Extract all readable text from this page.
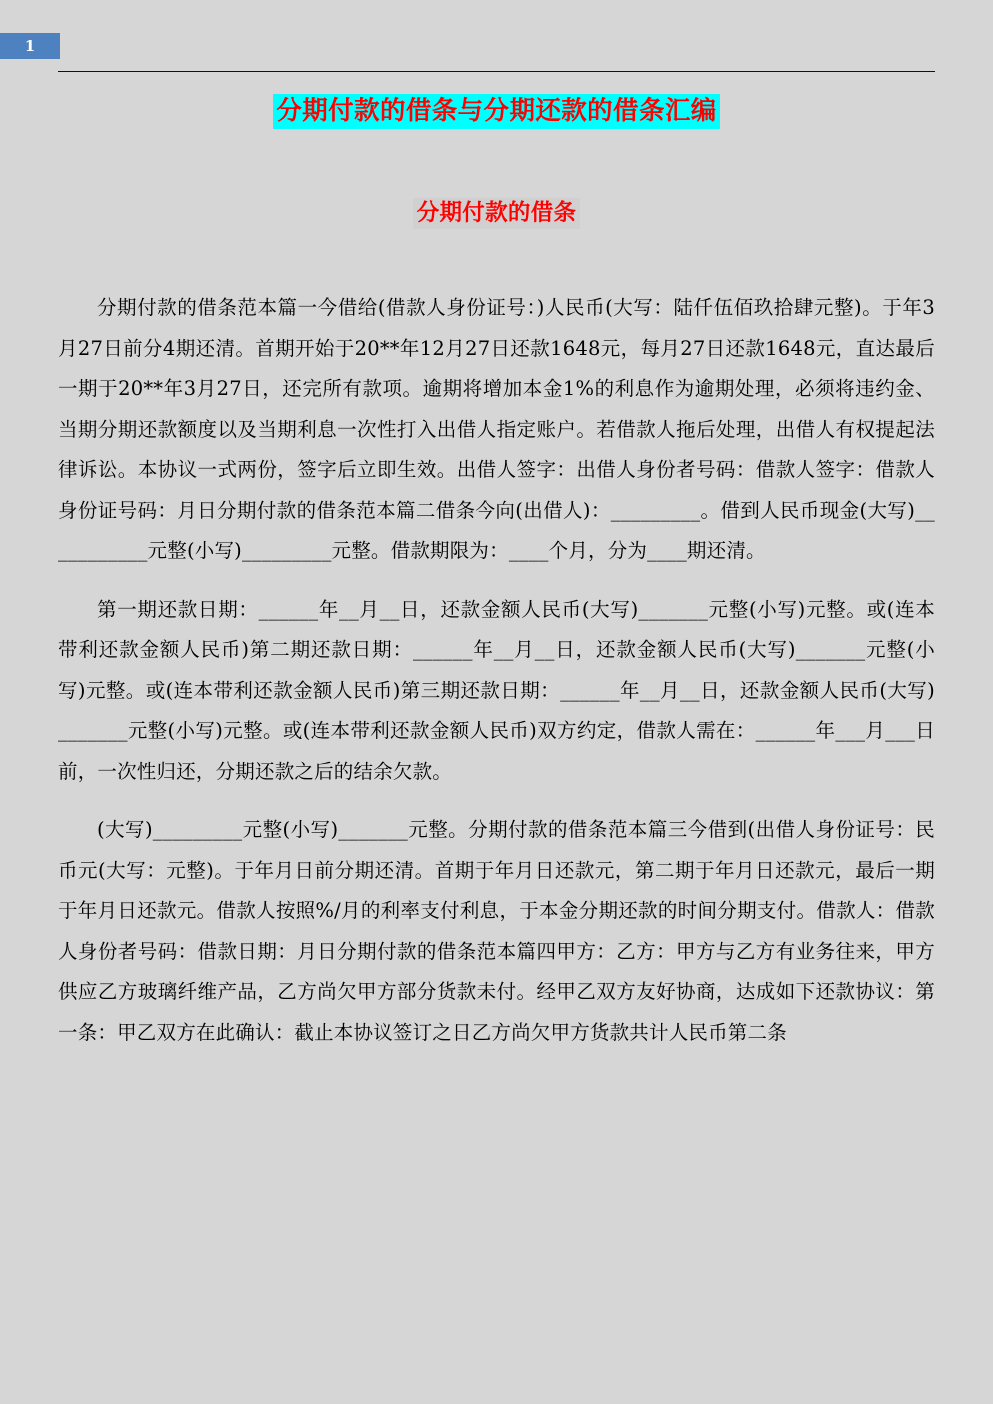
1
分期付款的借条与分期还款的借条汇编
分期付款的借条

分期付款的借条范本篇一今借给(借款人身份证号：)人民币(大写：陆仟伍佰玖拾肆元整)。于年3月27日前分4期还清。首期开始于20**年12月27日还款1648元，每月27日还款1648元，直达最后一期于20**年3月27日，还完所有款项。逾期将增加本金1%的利息作为逾期处理，必须将违约金、当期分期还款额度以及当期利息一次性打入出借人指定账户。若借款人拖后处理，出借人有权提起法律诉讼。本协议一式两份，签字后立即生效。出借人签字：出借人身份者号码：借款人签字：借款人身份证号码：月日分期付款的借条范本篇二借条今向(出借人)：_________。借到人民币现金(大写)___________元整(小写)_________元整。借款期限为：____个月，分为____期还清。

第一期还款日期：______年__月__日，还款金额人民币(大写)_______元整(小写)元整。或(连本带利还款金额人民币)第二期还款日期：______年__月__日，还款金额人民币(大写)_______元整(小写)元整。或(连本带利还款金额人民币)第三期还款日期：______年__月__日，还款金额人民币(大写)_______元整(小写)元整。或(连本带利还款金额人民币)双方约定，借款人需在：______年___月___日前，一次性归还，分期还款之后的结余欠款。

(大写)_________元整(小写)_______元整。分期付款的借条范本篇三今借到(出借人身份证号：民币元(大写：元整)。于年月日前分期还清。首期于年月日还款元，第二期于年月日还款元，最后一期于年月日还款元。借款人按照%/月的利率支付利息，于本金分期还款的时间分期支付。借款人：借款人身份者号码：借款日期：月日分期付款的借条范本篇四甲方：乙方：甲方与乙方有业务往来，甲方供应乙方玻璃纤维产品，乙方尚欠甲方部分货款未付。经甲乙双方友好协商，达成如下还款协议：第一条：甲乙双方在此确认：截止本协议签订之日乙方尚欠甲方货款共计人民币第二条
